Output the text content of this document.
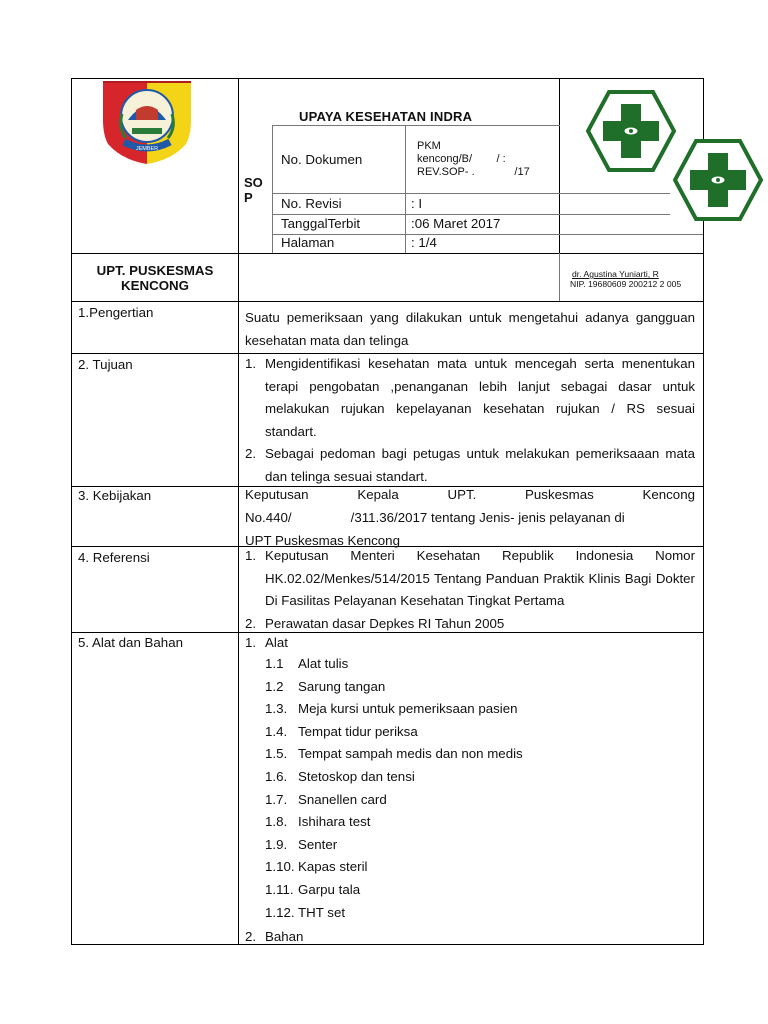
JEMBER
UPAYA KESEHATAN INDRA
SO
P
No. Dokumen
PKM
kencong/B/        / :
REV.SOP- .             /17
No. Revisi	: I
TanggalTerbit	:06 Maret 2017
Halaman	: 1/4
UPT. PUSKESMAS
KENCONG
dr. Agustina Yuniarti, R
NIP. 19680609 200212 2 005
1.Pengertian	Suatu pemeriksaan yang dilakukan untuk mengetahui adanya gangguan kesehatan mata dan telinga
2. Tujuan	1. Mengidentifikasi kesehatan mata untuk mencegah serta menentukan terapi pengobatan ,penanganan lebih lanjut sebagai dasar untuk melakukan rujukan kepelayanan kesehatan rujukan / RS sesuai standart.
2. Sebagai pedoman bagi petugas untuk melakukan pemeriksaaan mata dan telinga sesuai standart.
3. Kebijakan	Keputusan Kepala UPT. Puskesmas Kencong
No.440/                /311.36/2017 tentang Jenis- jenis pelayanan di
UPT Puskesmas Kencong
4. Referensi	1. Keputusan Menteri Kesehatan Republik Indonesia Nomor HK.02.02/Menkes/514/2015 Tentang Panduan Praktik Klinis Bagi Dokter Di Fasilitas Pelayanan Kesehatan Tingkat Pertama
2. Perawatan dasar Depkes RI Tahun 2005
5. Alat dan Bahan	1. Alat
1.1 Alat tulis
1.2 Sarung tangan
1.3. Meja kursi untuk pemeriksaan pasien
1.4. Tempat tidur periksa
1.5. Tempat sampah medis dan non medis
1.6. Stetoskop dan tensi
1.7. Snanellen card
1.8. Ishihara test
1.9. Senter
1.10. Kapas steril
1.11. Garpu tala
1.12. THT set
2. Bahan
